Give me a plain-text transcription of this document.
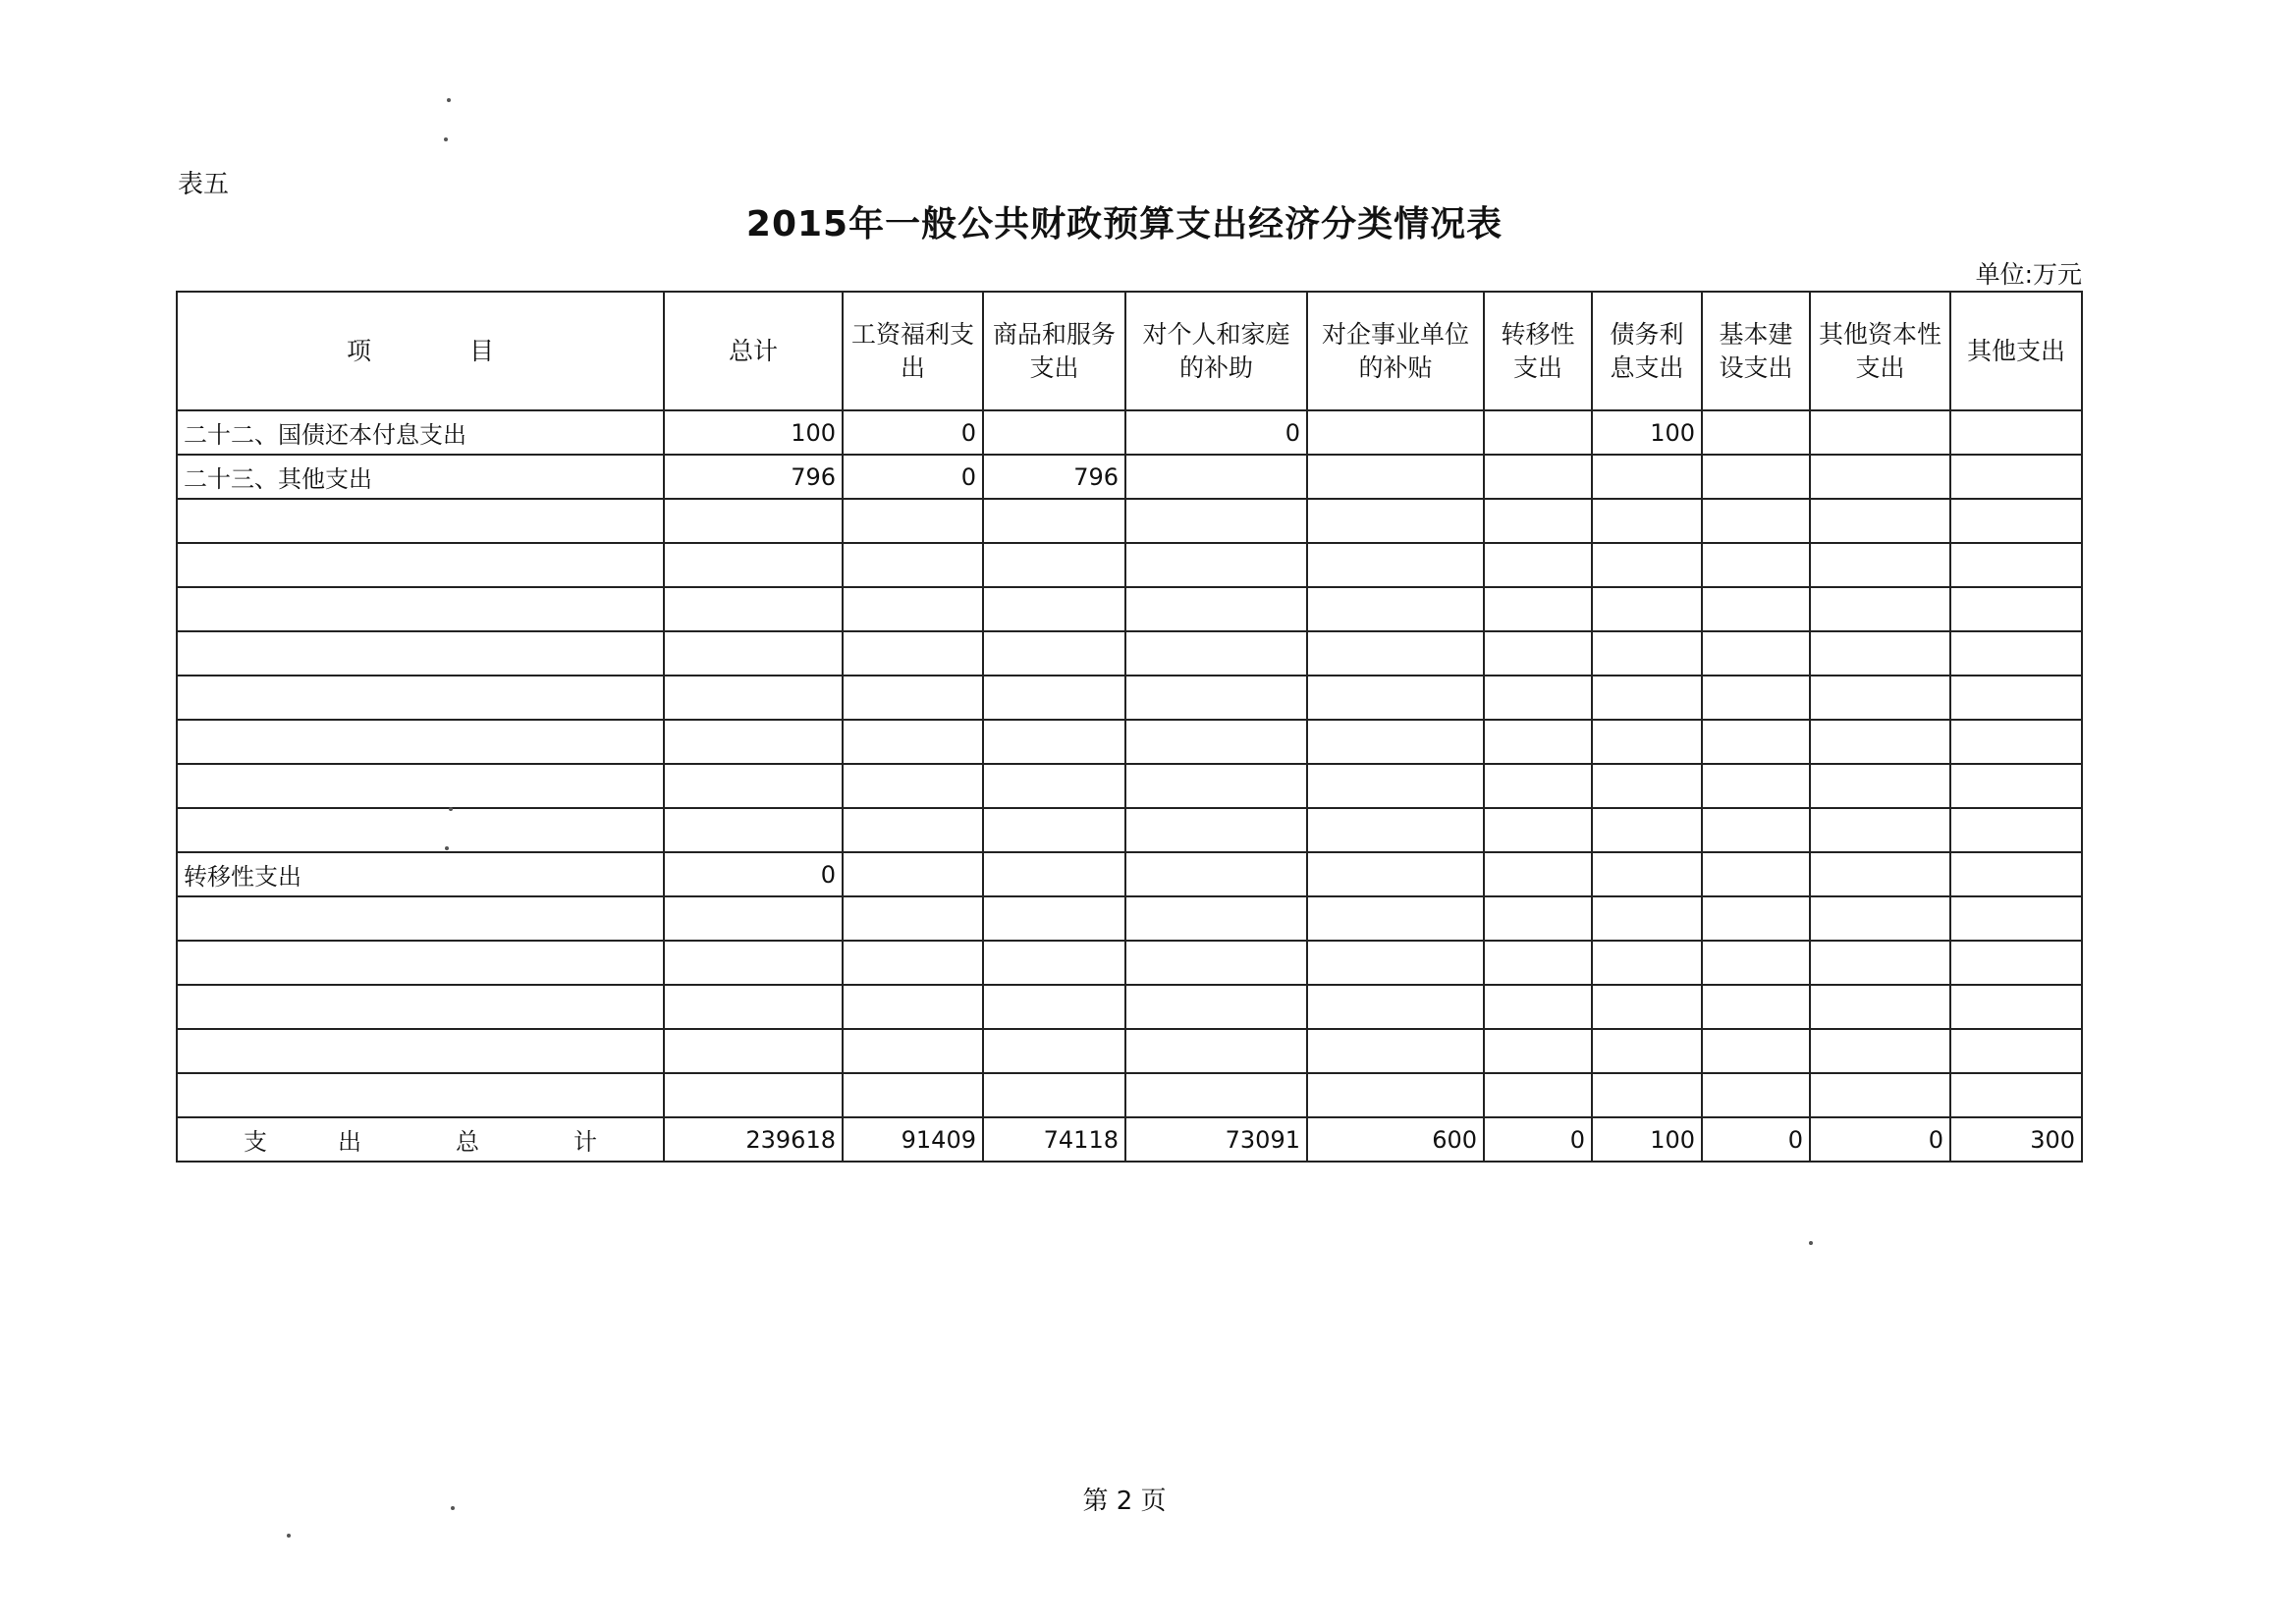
表五
2015年一般公共财政预算支出经济分类情况表
单位:万元
项　　　　目	总计	工资福利支出	商品和服务支出	对个人和家庭的补助	对企事业单位的补贴	转移性支出	债务利息支出	基本建设支出	其他资本性支出	其他支出
二十二、国债还本付息支出	100	0		0			100			
二十三、其他支出	796	0	796							

转移性支出	0									

支　　　出　　　　总　　　　计	239618	91409	74118	73091	600	0	100	0	0	300
第 2 页
